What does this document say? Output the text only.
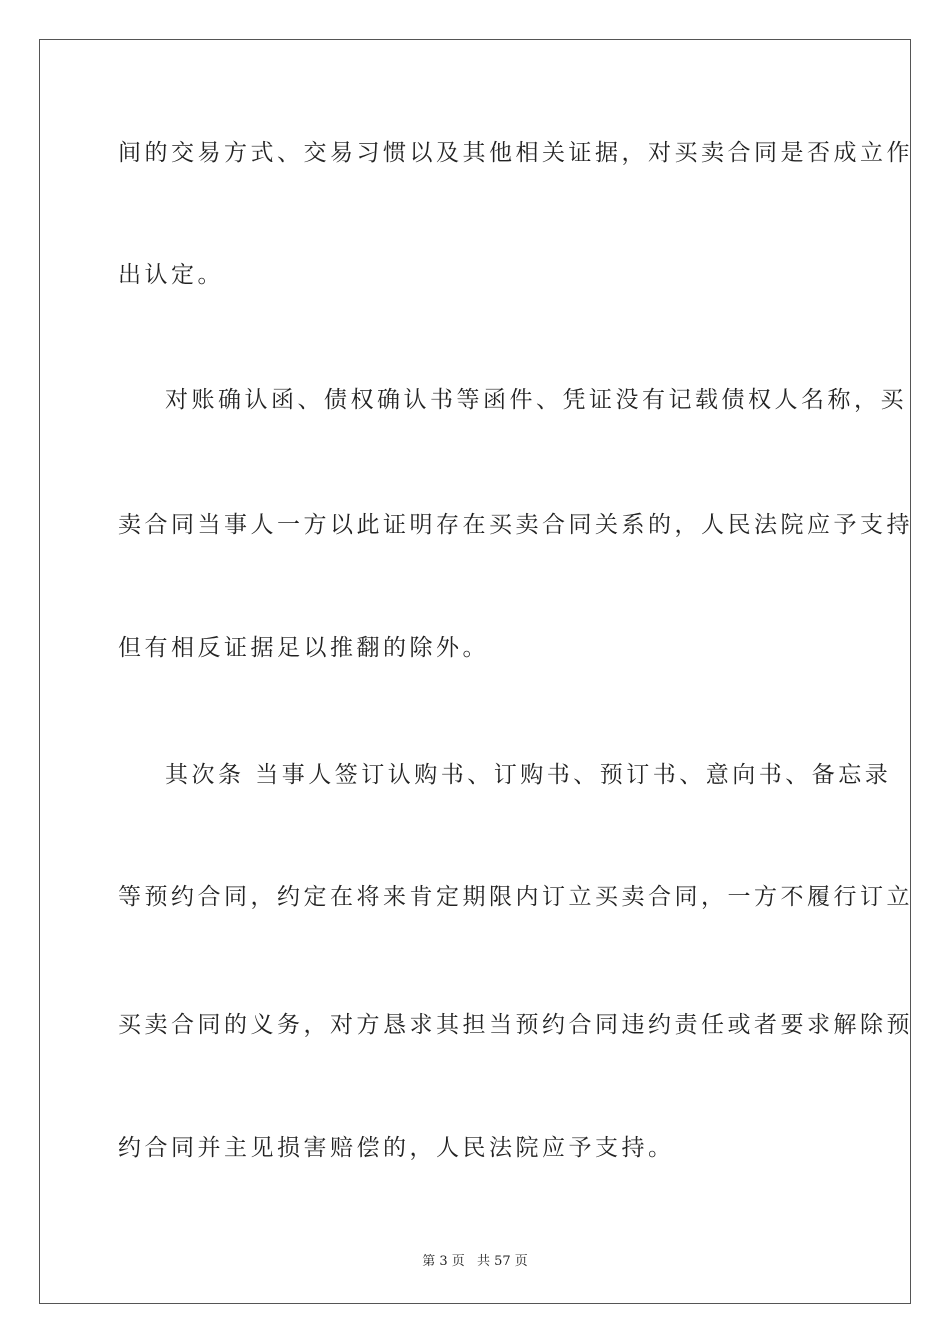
间的交易方式、交易习惯以及其他相关证据，对买卖合同是否成立作
出认定。
对账确认函、债权确认书等函件、凭证没有记载债权人名称，买
卖合同当事人一方以此证明存在买卖合同关系的，人民法院应予支持
但有相反证据足以推翻的除外。
其次条 当事人签订认购书、订购书、预订书、意向书、备忘录
等预约合同，约定在将来肯定期限内订立买卖合同，一方不履行订立
买卖合同的义务，对方恳求其担当预约合同违约责任或者要求解除预
约合同并主见损害赔偿的，人民法院应予支持。
第 3 页 共 57 页
